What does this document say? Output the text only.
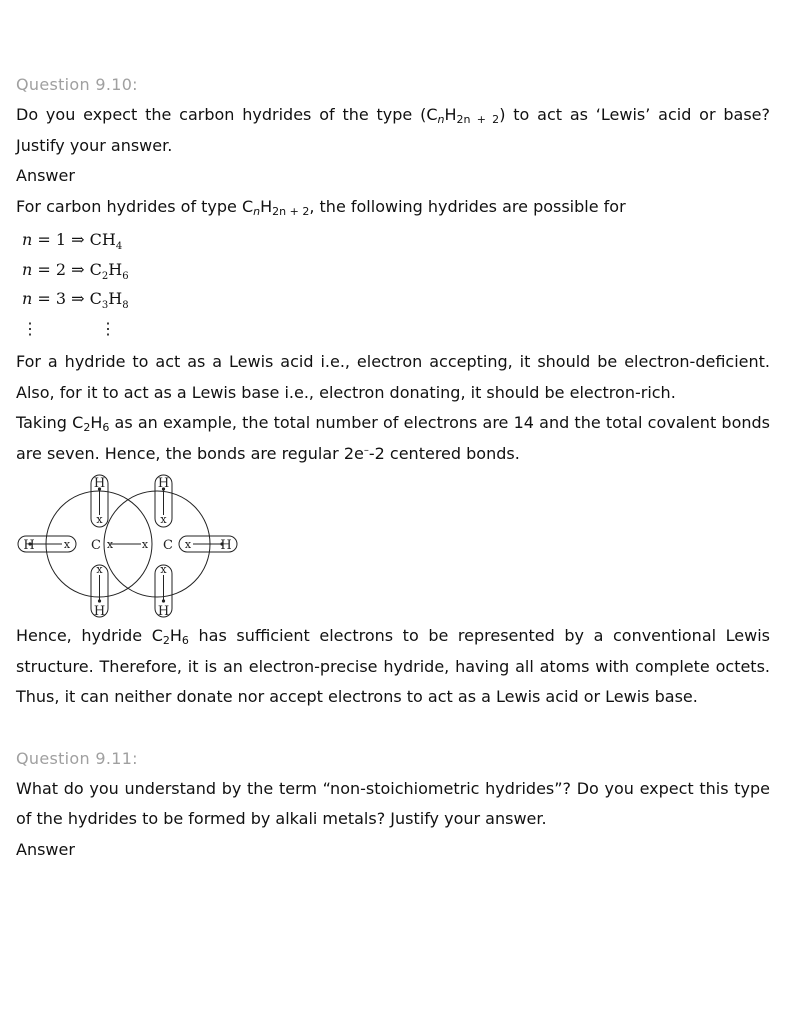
Question 9.10:

Do you expect the carbon hydrides of the type $(C_nH_{2n + 2})$ to act as ‘Lewis’ acid or base? Justify your answer.

Answer

For carbon hydrides of type $C_nH_{2n + 2}$, the following hydrides are possible for

n = 1 ⇒ $CH_4$
n = 2 ⇒ $C_2H_6$
n = 3 ⇒ $C_3H_8$
⋮	⋮

For a hydride to act as a Lewis acid i.e., electron accepting, it should be electron-deficient. Also, for it to act as a Lewis base i.e., electron donating, it should be electron-rich.

Taking $C_2H_6$ as an example, the total number of electrons are 14 and the total covalent bonds are seven. Hence, the bonds are regular 2e–-2 centered bonds.

H	H
H	H
H	H
C	C
x	x
x	x
x	x
x	x

Hence, hydride $C_2H_6$ has sufficient electrons to be represented by a conventional Lewis structure. Therefore, it is an electron-precise hydride, having all atoms with complete octets. Thus, it can neither donate nor accept electrons to act as a Lewis acid or Lewis base.

Question 9.11:

What do you understand by the term “non-stoichiometric hydrides”? Do you expect this type of the hydrides to be formed by alkali metals? Justify your answer.

Answer
